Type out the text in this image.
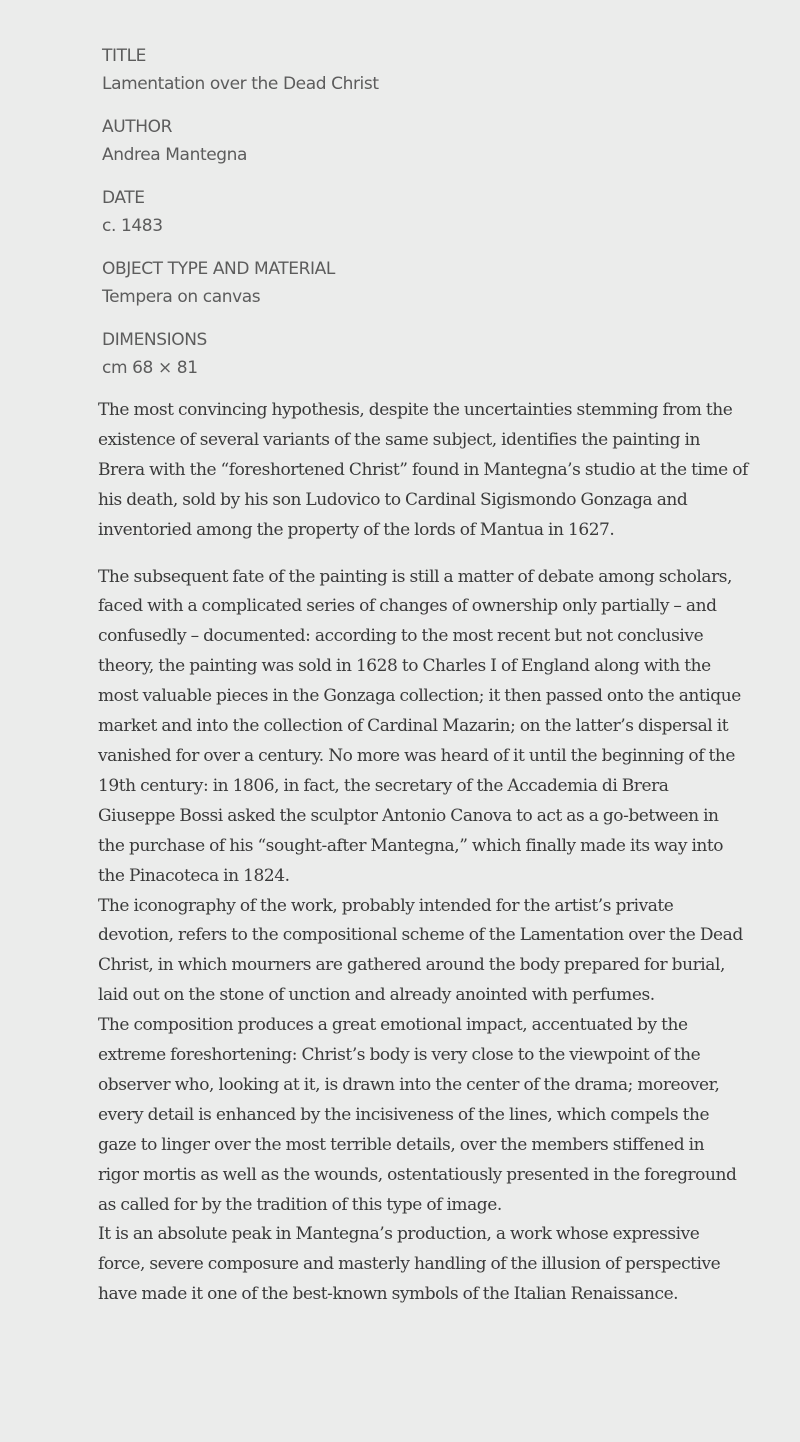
TITLE
Lamentation over the Dead Christ
AUTHOR
Andrea Mantegna
DATE
c. 1483
OBJECT TYPE AND MATERIAL
Tempera on canvas
DIMENSIONS
cm 68 × 81

The most convincing hypothesis, despite the uncertainties stemming from the existence of several variants of the same subject, identifies the painting in Brera with the “foreshortened Christ” found in Mantegna’s studio at the time of his death, sold by his son Ludovico to Cardinal Sigismondo Gonzaga and inventoried among the property of the lords of Mantua in 1627.

The subsequent fate of the painting is still a matter of debate among scholars, faced with a complicated series of changes of ownership only partially – and confusedly – documented: according to the most recent but not conclusive theory, the painting was sold in 1628 to Charles I of England along with the most valuable pieces in the Gonzaga collection; it then passed onto the antique market and into the collection of Cardinal Mazarin; on the latter’s dispersal it vanished for over a century. No more was heard of it until the beginning of the 19th century: in 1806, in fact, the secretary of the Accademia di Brera Giuseppe Bossi asked the sculptor Antonio Canova to act as a go-between in the purchase of his “sought-after Mantegna,” which finally made its way into the Pinacoteca in 1824.

The iconography of the work, probably intended for the artist’s private devotion, refers to the compositional scheme of the Lamentation over the Dead Christ, in which mourners are gathered around the body prepared for burial, laid out on the stone of unction and already anointed with perfumes.

The composition produces a great emotional impact, accentuated by the extreme foreshortening: Christ’s body is very close to the viewpoint of the observer who, looking at it, is drawn into the center of the drama; moreover, every detail is enhanced by the incisiveness of the lines, which compels the gaze to linger over the most terrible details, over the members stiffened in rigor mortis as well as the wounds, ostentatiously presented in the foreground as called for by the tradition of this type of image.

It is an absolute peak in Mantegna’s production, a work whose expressive force, severe composure and masterly handling of the illusion of perspective have made it one of the best-known symbols of the Italian Renaissance.
